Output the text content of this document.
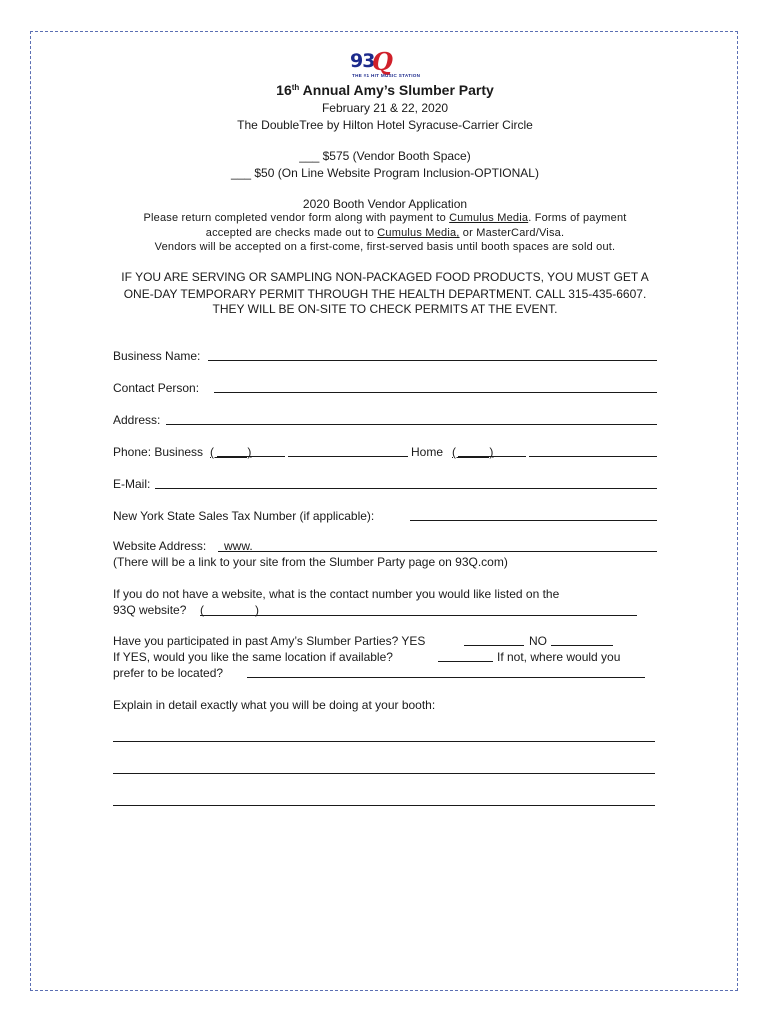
93
Q
THE #1 HIT MUSIC STATION
16th Annual Amy’s Slumber Party
February 21 & 22, 2020
The DoubleTree by Hilton Hotel Syracuse-Carrier Circle
___ $575 (Vendor Booth Space)
___ $50 (On Line Website Program Inclusion-OPTIONAL)
2020 Booth Vendor Application
Please return completed vendor form along with payment to Cumulus Media. Forms of payment
accepted are checks made out to Cumulus Media, or MasterCard/Visa.
Vendors will be accepted on a first-come, first-served basis until booth spaces are sold out.
IF YOU ARE SERVING OR SAMPLING NON-PACKAGED FOOD PRODUCTS, YOU MUST GET A
ONE-DAY TEMPORARY PERMIT THROUGH THE HEALTH DEPARTMENT. CALL 315-435-6607.
THEY WILL BE ON-SITE TO CHECK PERMITS AT THE EVENT.
Business Name:
Contact Person:
Address:
Phone: Business (          )	Home (          )
E-Mail:
New York State Sales Tax Number (if applicable):
Website Address: www.
(There will be a link to your site from the Slumber Party page on 93Q.com)
If you do not have a website, what is the contact number you would like listed on the
93Q website? (	)
Have you participated in past Amy’s Slumber Parties? YES	NO
If YES, would you like the same location if available?	If not, where would you
prefer to be located?
Explain in detail exactly what you will be doing at your booth:
